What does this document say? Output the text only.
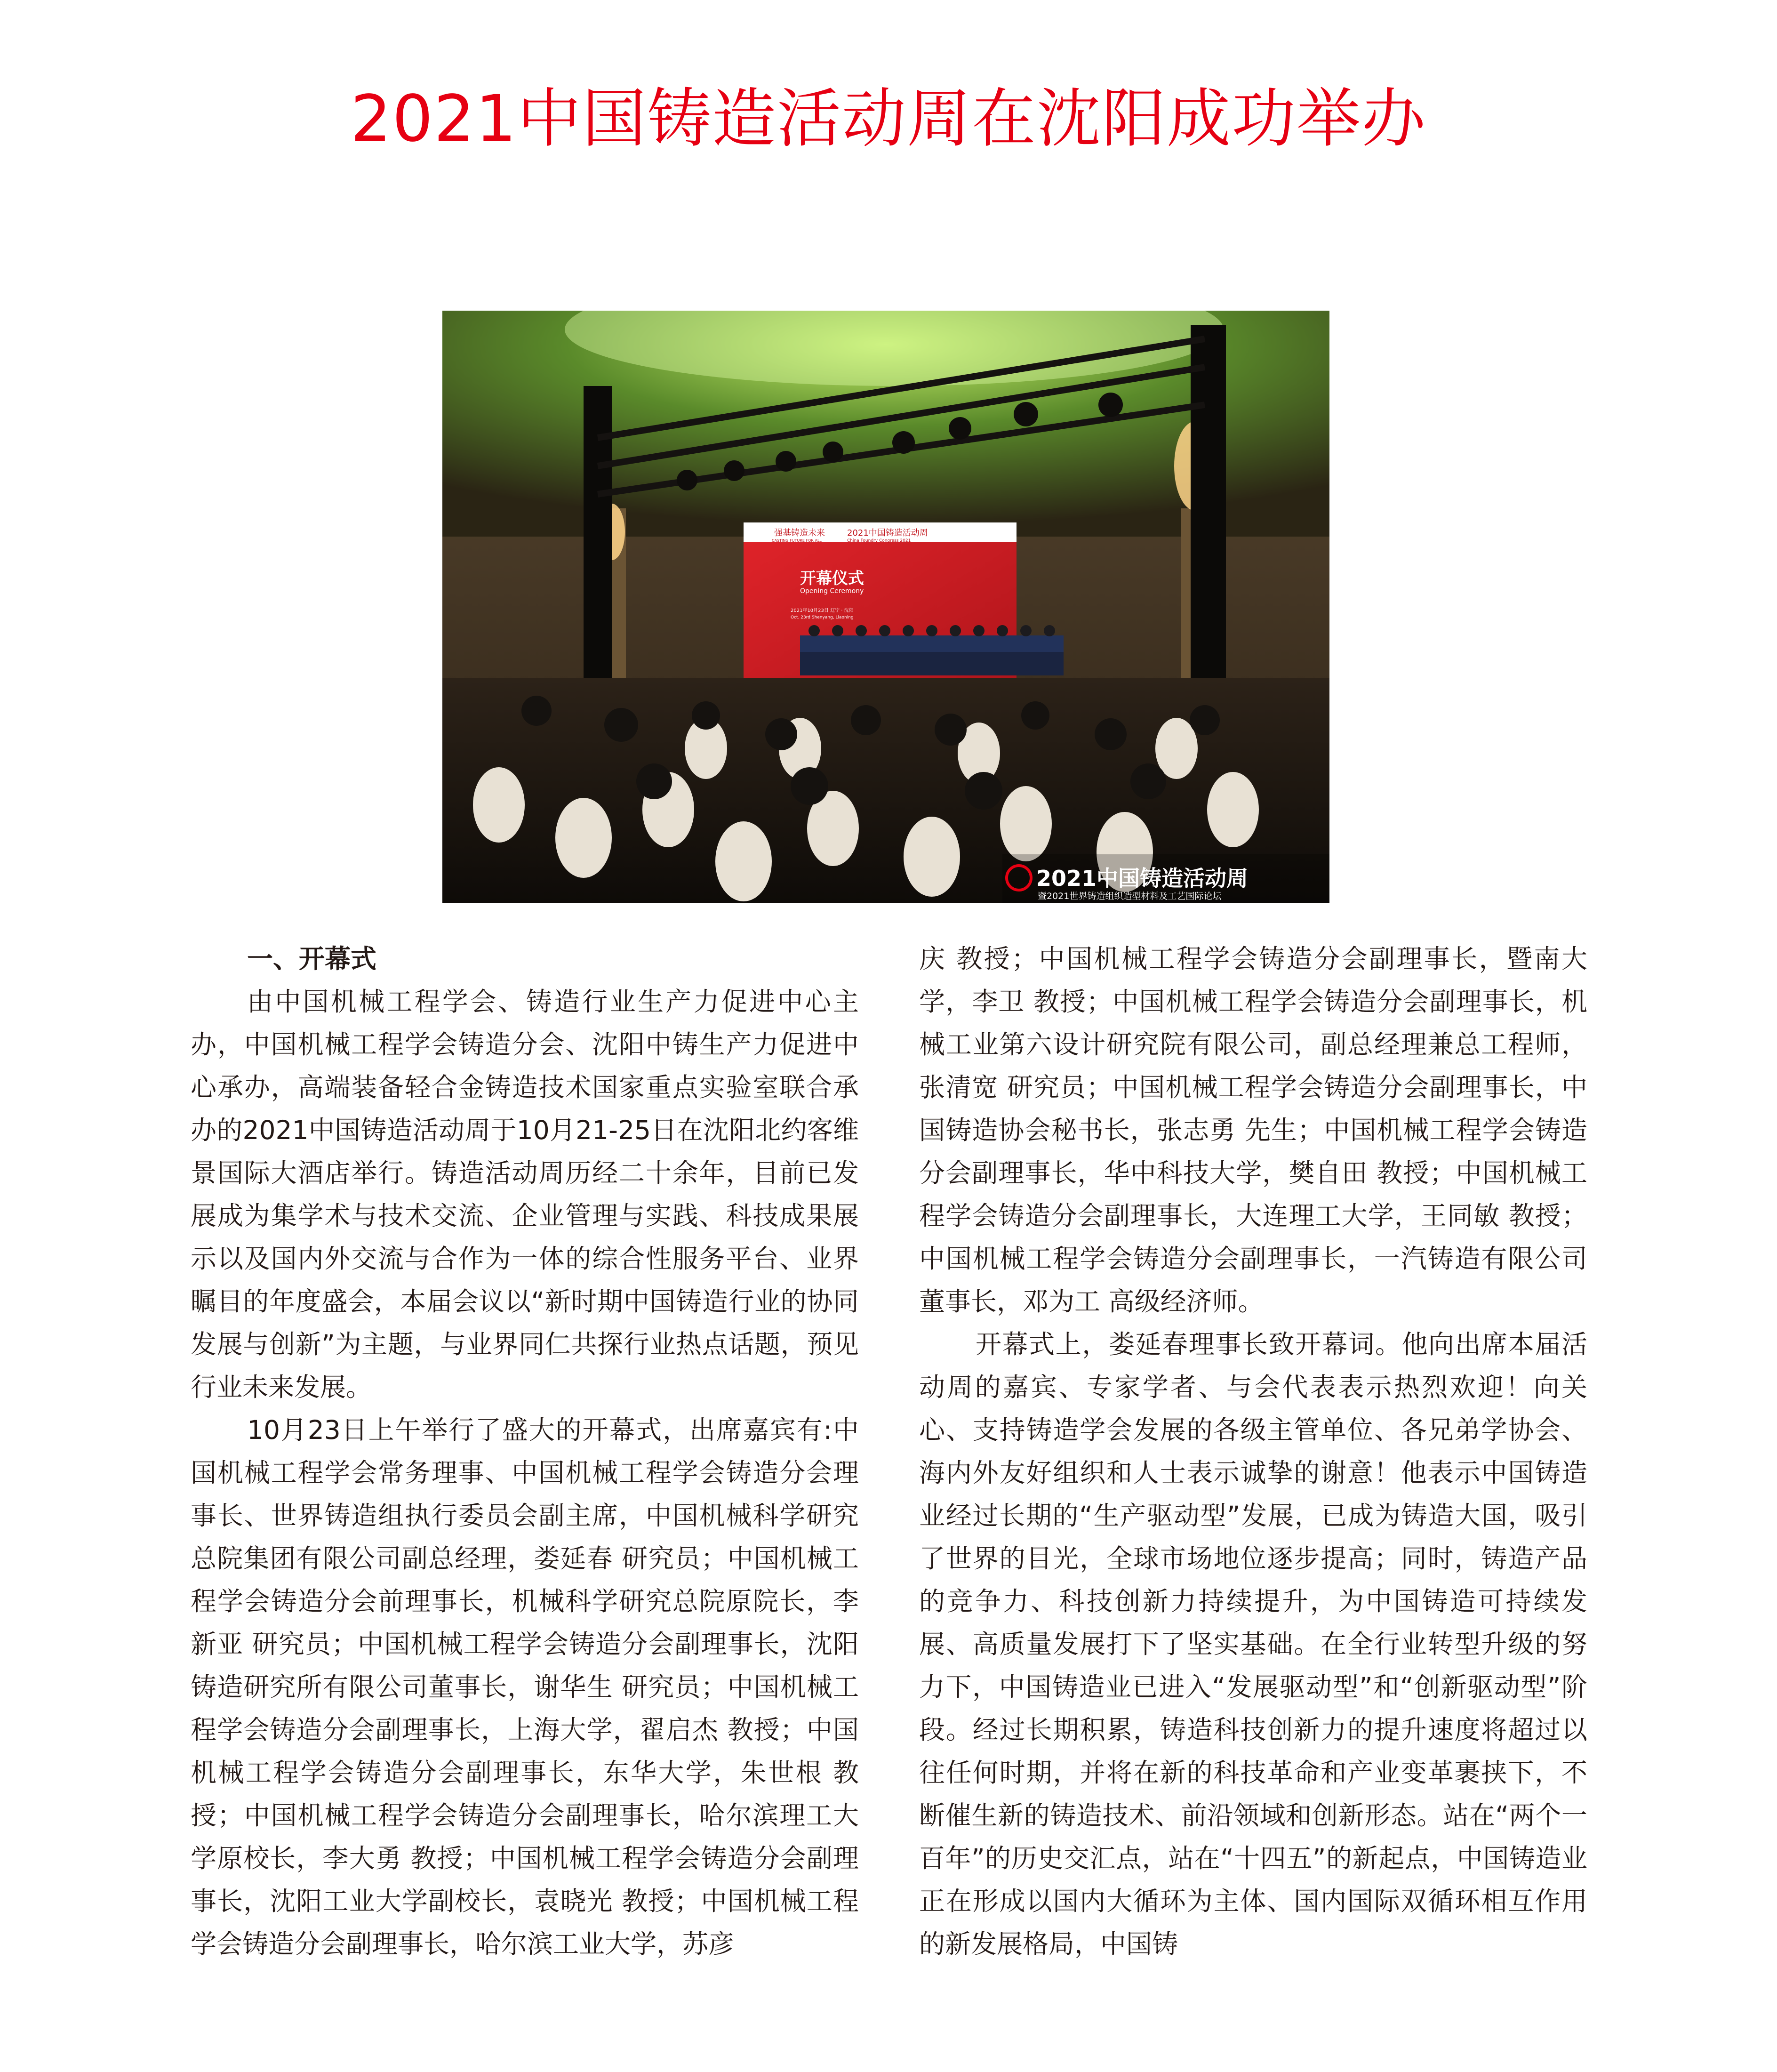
2021中国铸造活动周在沈阳成功举办
强基铸造未来	2021中国铸造活动周
CASTING FUTURE FOR ALL	China Foundry Congress 2021
开幕仪式
Opening Ceremony
2021年10月23日 辽宁 · 沈阳
Oct. 23rd Shenyang, Liaoning
2021中国铸造活动周
暨2021世界铸造组织造型材料及工艺国际论坛
一、开幕式

由中国机械工程学会、铸造行业生产力促进中心主办，中国机械工程学会铸造分会、沈阳中铸生产力促进中心承办，高端装备轻合金铸造技术国家重点实验室联合承办的2021中国铸造活动周于10月21-25日在沈阳北约客维景国际大酒店举行。铸造活动周历经二十余年，目前已发展成为集学术与技术交流、企业管理与实践、科技成果展示以及国内外交流与合作为一体的综合性服务平台、业界瞩目的年度盛会，本届会议以“新时期中国铸造行业的协同发展与创新”为主题，与业界同仁共探行业热点话题，预见行业未来发展。

10月23日上午举行了盛大的开幕式，出席嘉宾有:中国机械工程学会常务理事、中国机械工程学会铸造分会理事长、世界铸造组执行委员会副主席，中国机械科学研究总院集团有限公司副总经理，娄延春 研究员；中国机械工程学会铸造分会前理事长，机械科学研究总院原院长，李新亚 研究员；中国机械工程学会铸造分会副理事长，沈阳铸造研究所有限公司董事长，谢华生 研究员；中国机械工程学会铸造分会副理事长，上海大学，翟启杰 教授；中国机械工程学会铸造分会副理事长，东华大学，朱世根 教授；中国机械工程学会铸造分会副理事长，哈尔滨理工大学原校长，李大勇 教授；中国机械工程学会铸造分会副理事长，沈阳工业大学副校长，袁晓光 教授；中国机械工程学会铸造分会副理事长，哈尔滨工业大学，苏彦

庆 教授；中国机械工程学会铸造分会副理事长，暨南大学，李卫 教授；中国机械工程学会铸造分会副理事长，机械工业第六设计研究院有限公司，副总经理兼总工程师，张清宽 研究员；中国机械工程学会铸造分会副理事长，中国铸造协会秘书长，张志勇 先生；中国机械工程学会铸造分会副理事长，华中科技大学，樊自田 教授；中国机械工程学会铸造分会副理事长，大连理工大学，王同敏 教授；中国机械工程学会铸造分会副理事长，一汽铸造有限公司董事长，邓为工 高级经济师。

开幕式上，娄延春理事长致开幕词。他向出席本届活动周的嘉宾、专家学者、与会代表表示热烈欢迎！向关心、支持铸造学会发展的各级主管单位、各兄弟学协会、海内外友好组织和人士表示诚挚的谢意！他表示中国铸造业经过长期的“生产驱动型”发展，已成为铸造大国，吸引了世界的目光，全球市场地位逐步提高；同时，铸造产品的竞争力、科技创新力持续提升，为中国铸造可持续发展、高质量发展打下了坚实基础。在全行业转型升级的努力下，中国铸造业已进入“发展驱动型”和“创新驱动型”阶段。经过长期积累，铸造科技创新力的提升速度将超过以往任何时期，并将在新的科技革命和产业变革裹挟下，不断催生新的铸造技术、前沿领域和创新形态。站在“两个一百年”的历史交汇点，站在“十四五”的新起点，中国铸造业正在形成以国内大循环为主体、国内国际双循环相互作用的新发展格局，中国铸
